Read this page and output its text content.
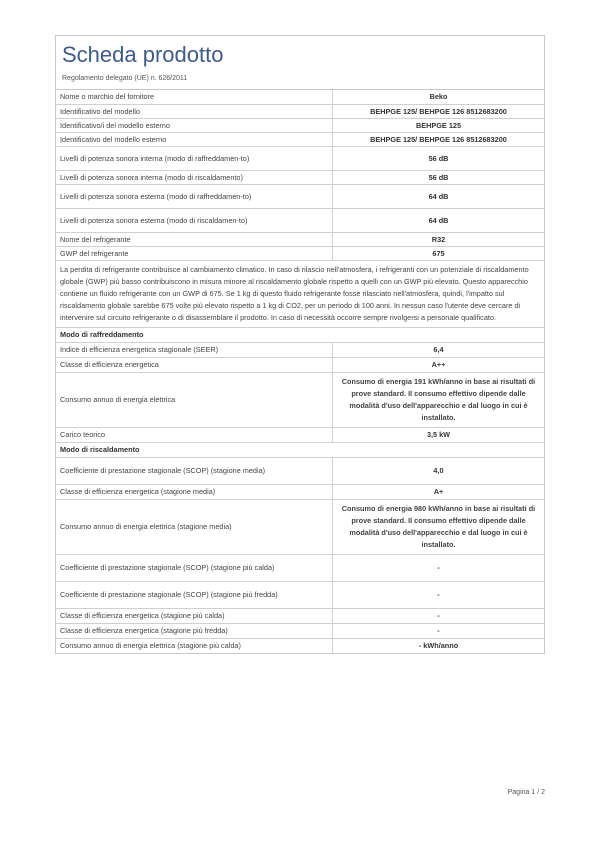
Scheda prodotto
Regolamento delegato (UE) n. 626/2011
Nome o marchio del fornitore	Beko
Identificativo del modello	BEHPGE 125/ BEHPGE 126 8512683200
Identificativo/i del modello esterno	BEHPGE 125
Identificativo del modello esterno	BEHPGE 125/ BEHPGE 126 8512683200
Livelli di potenza sonora interna (modo di raffreddamen-to)	56 dB
Livelli di potenza sonora interna (modo di riscaldamento)	56 dB
Livelli di potenza sonora esterna (modo di raffreddamen-to)	64 dB
Livelli di potenza sonora esterna (modo di riscaldamen-to)	64 dB
Nome del refrigerante	R32
GWP del refrigerante	675
La perdita di refrigerante contribuisce al cambiamento climatico. In caso di rilascio nell'atmosfera, i refrigeranti con un potenziale di riscaldamento globale (GWP) più basso contribuiscono in misura minore al riscaldamento globale rispetto a quelli con un GWP più elevato. Questo apparecchio contiene un fluido refrigerante con un GWP di 675. Se 1 kg di questo fluido refrigerante fosse rilasciato nell'atmosfera, quindi, l'impatto sul riscaldamento globale sarebbe 675 volte più elevato rispetto a 1 kg di CO2, per un periodo di 100 anni. In nessun caso l'utente deve cercare di intervenire sul circuito refrigerante o di disassemblare il prodotto. In caso di necessità occorre sempre rivolgersi a personale qualificato.	
Modo di raffreddamento	
Indice di efficienza energetica stagionale (SEER)	6,4
Classe di efficienza energetica	A++
Consumo annuo di energia elettrica	Consumo di energia 191 kWh/anno in base ai risultati di prove standard. Il consumo effettivo dipende dalle modalità d'uso dell'apparecchio e dal luogo in cui è installato.
Carico teorico	3,5 kW
Modo di riscaldamento	
Coefficiente di prestazione stagionale (SCOP) (stagione media)	4,0
Classe di efficienza energetica (stagione media)	A+
Consumo annuo di energia elettrica (stagione media)	Consumo di energia 980 kWh/anno in base ai risultati di prove standard. Il consumo effettivo dipende dalle modalità d'uso dell'apparecchio e dal luogo in cui è installato.
Coefficiente di prestazione stagionale (SCOP) (stagione più calda)	-
Coefficiente di prestazione stagionale (SCOP) (stagione più fredda)	-
Classe di efficienza energetica (stagione più calda)	-
Classe di efficienza energetica (stagione più fredda)	-
Consumo annuo di energia elettrica (stagione più calda)	- kWh/anno
Pagina 1 / 2
